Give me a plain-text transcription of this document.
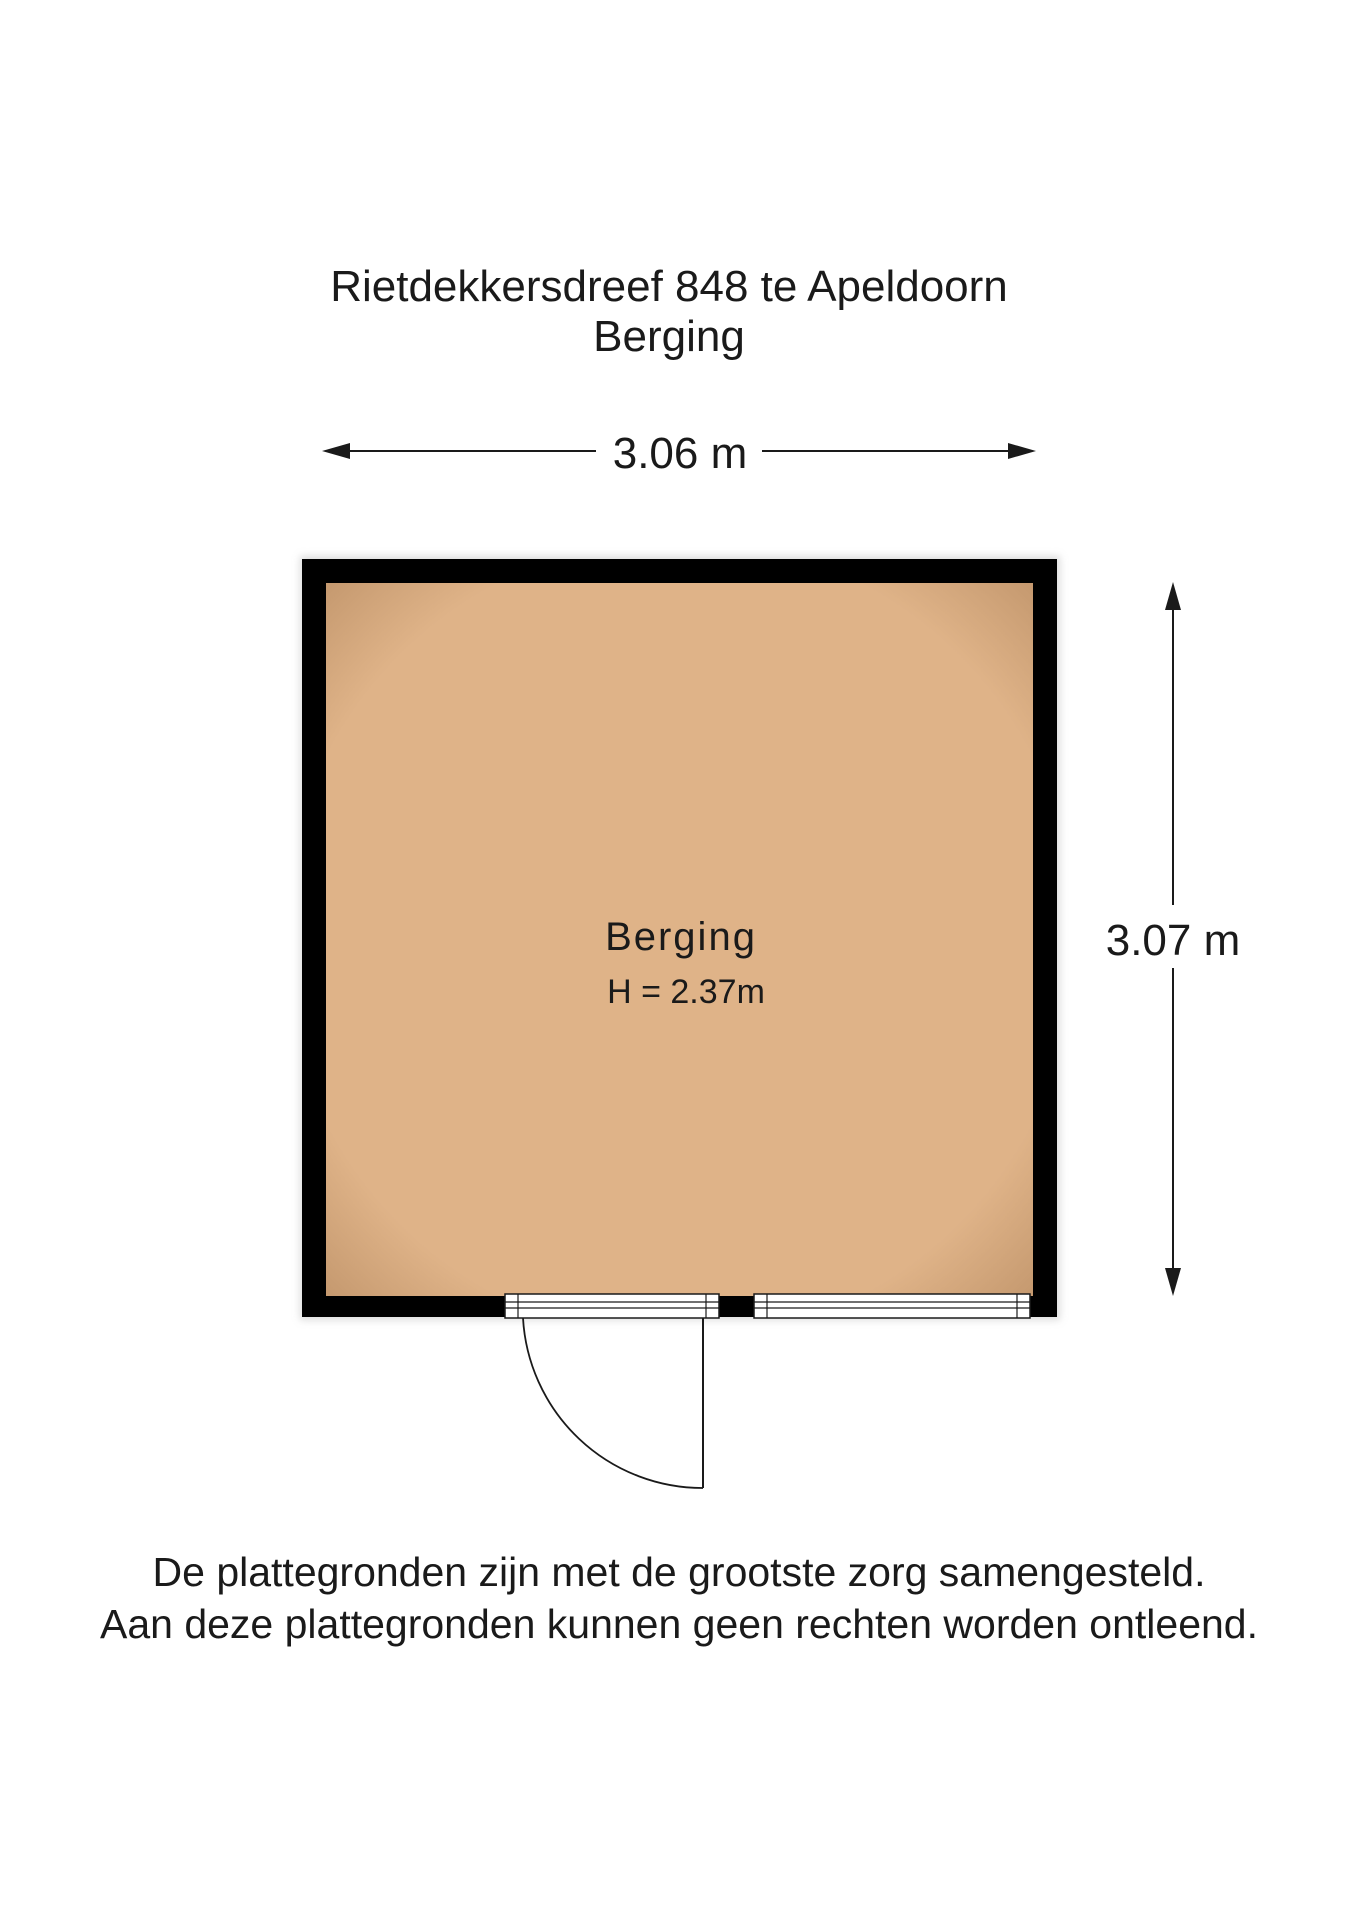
Rietdekkersdreef 848 te Apeldoorn
Berging
3.06 m
3.07 m
Berging
H = 2.37m
De plattegronden zijn met de grootste zorg samengesteld.
Aan deze plattegronden kunnen geen rechten worden ontleend.
